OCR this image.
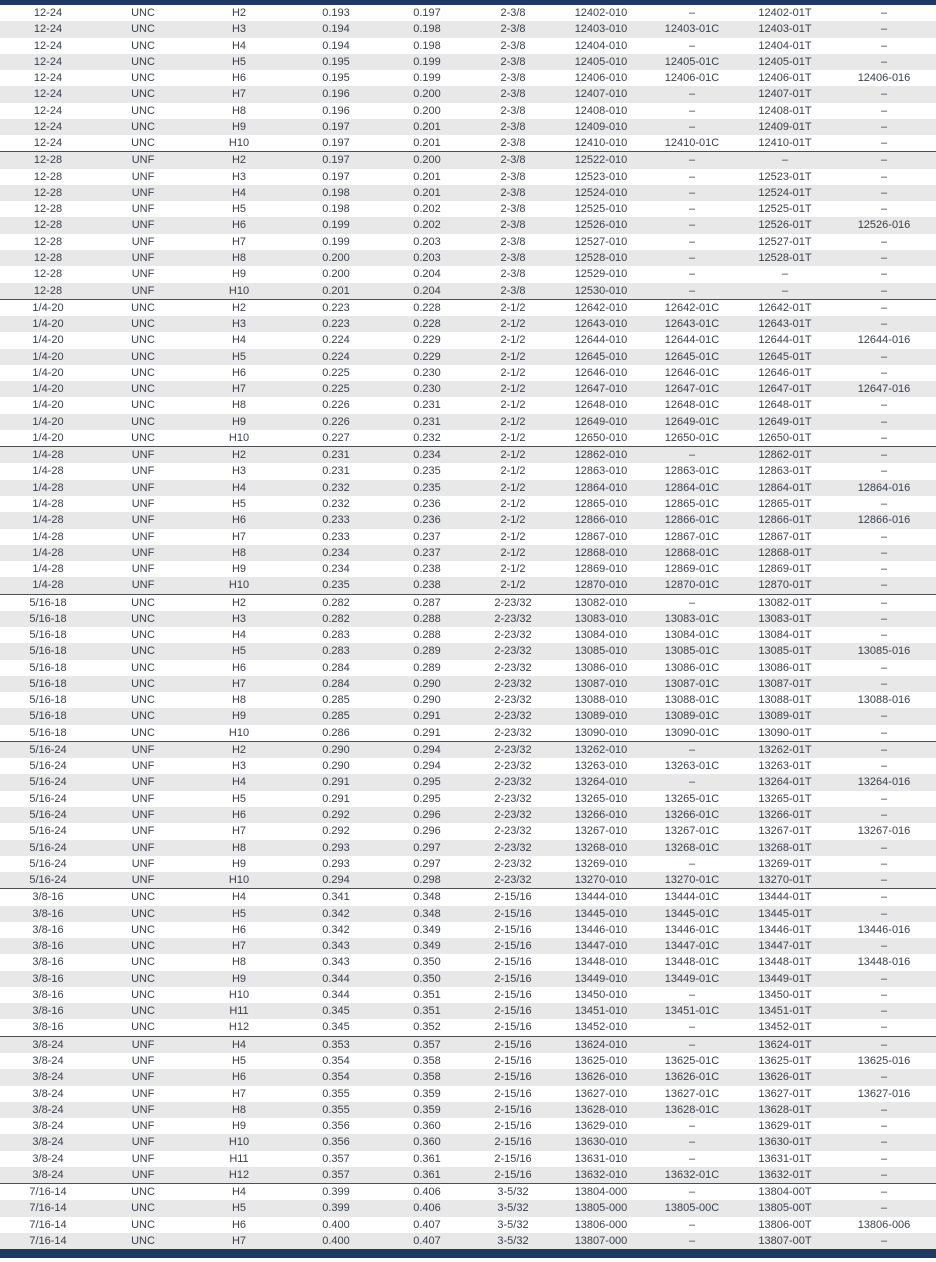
12-24	UNC	H2	0.193	0.197	2-3/8	12402-010	–	12402-01T	–
12-24	UNC	H3	0.194	0.198	2-3/8	12403-010	12403-01C	12403-01T	–
12-24	UNC	H4	0.194	0.198	2-3/8	12404-010	–	12404-01T	–
12-24	UNC	H5	0.195	0.199	2-3/8	12405-010	12405-01C	12405-01T	–
12-24	UNC	H6	0.195	0.199	2-3/8	12406-010	12406-01C	12406-01T	12406-016
12-24	UNC	H7	0.196	0.200	2-3/8	12407-010	–	12407-01T	–
12-24	UNC	H8	0.196	0.200	2-3/8	12408-010	–	12408-01T	–
12-24	UNC	H9	0.197	0.201	2-3/8	12409-010	–	12409-01T	–
12-24	UNC	H10	0.197	0.201	2-3/8	12410-010	12410-01C	12410-01T	–
12-28	UNF	H2	0.197	0.200	2-3/8	12522-010	–	–	–
12-28	UNF	H3	0.197	0.201	2-3/8	12523-010	–	12523-01T	–
12-28	UNF	H4	0.198	0.201	2-3/8	12524-010	–	12524-01T	–
12-28	UNF	H5	0.198	0.202	2-3/8	12525-010	–	12525-01T	–
12-28	UNF	H6	0.199	0.202	2-3/8	12526-010	–	12526-01T	12526-016
12-28	UNF	H7	0.199	0.203	2-3/8	12527-010	–	12527-01T	–
12-28	UNF	H8	0.200	0.203	2-3/8	12528-010	–	12528-01T	–
12-28	UNF	H9	0.200	0.204	2-3/8	12529-010	–	–	–
12-28	UNF	H10	0.201	0.204	2-3/8	12530-010	–	–	–
1/4-20	UNC	H2	0.223	0.228	2-1/2	12642-010	12642-01C	12642-01T	–
1/4-20	UNC	H3	0.223	0.228	2-1/2	12643-010	12643-01C	12643-01T	–
1/4-20	UNC	H4	0.224	0.229	2-1/2	12644-010	12644-01C	12644-01T	12644-016
1/4-20	UNC	H5	0.224	0.229	2-1/2	12645-010	12645-01C	12645-01T	–
1/4-20	UNC	H6	0.225	0.230	2-1/2	12646-010	12646-01C	12646-01T	–
1/4-20	UNC	H7	0.225	0.230	2-1/2	12647-010	12647-01C	12647-01T	12647-016
1/4-20	UNC	H8	0.226	0.231	2-1/2	12648-010	12648-01C	12648-01T	–
1/4-20	UNC	H9	0.226	0.231	2-1/2	12649-010	12649-01C	12649-01T	–
1/4-20	UNC	H10	0.227	0.232	2-1/2	12650-010	12650-01C	12650-01T	–
1/4-28	UNF	H2	0.231	0.234	2-1/2	12862-010	–	12862-01T	–
1/4-28	UNF	H3	0.231	0.235	2-1/2	12863-010	12863-01C	12863-01T	–
1/4-28	UNF	H4	0.232	0.235	2-1/2	12864-010	12864-01C	12864-01T	12864-016
1/4-28	UNF	H5	0.232	0.236	2-1/2	12865-010	12865-01C	12865-01T	–
1/4-28	UNF	H6	0.233	0.236	2-1/2	12866-010	12866-01C	12866-01T	12866-016
1/4-28	UNF	H7	0.233	0.237	2-1/2	12867-010	12867-01C	12867-01T	–
1/4-28	UNF	H8	0.234	0.237	2-1/2	12868-010	12868-01C	12868-01T	–
1/4-28	UNF	H9	0.234	0.238	2-1/2	12869-010	12869-01C	12869-01T	–
1/4-28	UNF	H10	0.235	0.238	2-1/2	12870-010	12870-01C	12870-01T	–
5/16-18	UNC	H2	0.282	0.287	2-23/32	13082-010	–	13082-01T	–
5/16-18	UNC	H3	0.282	0.288	2-23/32	13083-010	13083-01C	13083-01T	–
5/16-18	UNC	H4	0.283	0.288	2-23/32	13084-010	13084-01C	13084-01T	–
5/16-18	UNC	H5	0.283	0.289	2-23/32	13085-010	13085-01C	13085-01T	13085-016
5/16-18	UNC	H6	0.284	0.289	2-23/32	13086-010	13086-01C	13086-01T	–
5/16-18	UNC	H7	0.284	0.290	2-23/32	13087-010	13087-01C	13087-01T	–
5/16-18	UNC	H8	0.285	0.290	2-23/32	13088-010	13088-01C	13088-01T	13088-016
5/16-18	UNC	H9	0.285	0.291	2-23/32	13089-010	13089-01C	13089-01T	–
5/16-18	UNC	H10	0.286	0.291	2-23/32	13090-010	13090-01C	13090-01T	–
5/16-24	UNF	H2	0.290	0.294	2-23/32	13262-010	–	13262-01T	–
5/16-24	UNF	H3	0.290	0.294	2-23/32	13263-010	13263-01C	13263-01T	–
5/16-24	UNF	H4	0.291	0.295	2-23/32	13264-010	–	13264-01T	13264-016
5/16-24	UNF	H5	0.291	0.295	2-23/32	13265-010	13265-01C	13265-01T	–
5/16-24	UNF	H6	0.292	0.296	2-23/32	13266-010	13266-01C	13266-01T	–
5/16-24	UNF	H7	0.292	0.296	2-23/32	13267-010	13267-01C	13267-01T	13267-016
5/16-24	UNF	H8	0.293	0.297	2-23/32	13268-010	13268-01C	13268-01T	–
5/16-24	UNF	H9	0.293	0.297	2-23/32	13269-010	–	13269-01T	–
5/16-24	UNF	H10	0.294	0.298	2-23/32	13270-010	13270-01C	13270-01T	–
3/8-16	UNC	H4	0.341	0.348	2-15/16	13444-010	13444-01C	13444-01T	–
3/8-16	UNC	H5	0.342	0.348	2-15/16	13445-010	13445-01C	13445-01T	–
3/8-16	UNC	H6	0.342	0.349	2-15/16	13446-010	13446-01C	13446-01T	13446-016
3/8-16	UNC	H7	0.343	0.349	2-15/16	13447-010	13447-01C	13447-01T	–
3/8-16	UNC	H8	0.343	0.350	2-15/16	13448-010	13448-01C	13448-01T	13448-016
3/8-16	UNC	H9	0.344	0.350	2-15/16	13449-010	13449-01C	13449-01T	–
3/8-16	UNC	H10	0.344	0.351	2-15/16	13450-010	–	13450-01T	–
3/8-16	UNC	H11	0.345	0.351	2-15/16	13451-010	13451-01C	13451-01T	–
3/8-16	UNC	H12	0.345	0.352	2-15/16	13452-010	–	13452-01T	–
3/8-24	UNF	H4	0.353	0.357	2-15/16	13624-010	–	13624-01T	–
3/8-24	UNF	H5	0.354	0.358	2-15/16	13625-010	13625-01C	13625-01T	13625-016
3/8-24	UNF	H6	0.354	0.358	2-15/16	13626-010	13626-01C	13626-01T	–
3/8-24	UNF	H7	0.355	0.359	2-15/16	13627-010	13627-01C	13627-01T	13627-016
3/8-24	UNF	H8	0.355	0.359	2-15/16	13628-010	13628-01C	13628-01T	–
3/8-24	UNF	H9	0.356	0.360	2-15/16	13629-010	–	13629-01T	–
3/8-24	UNF	H10	0.356	0.360	2-15/16	13630-010	–	13630-01T	–
3/8-24	UNF	H11	0.357	0.361	2-15/16	13631-010	–	13631-01T	–
3/8-24	UNF	H12	0.357	0.361	2-15/16	13632-010	13632-01C	13632-01T	–
7/16-14	UNC	H4	0.399	0.406	3-5/32	13804-000	–	13804-00T	–
7/16-14	UNC	H5	0.399	0.406	3-5/32	13805-000	13805-00C	13805-00T	–
7/16-14	UNC	H6	0.400	0.407	3-5/32	13806-000	–	13806-00T	13806-006
7/16-14	UNC	H7	0.400	0.407	3-5/32	13807-000	–	13807-00T	–
